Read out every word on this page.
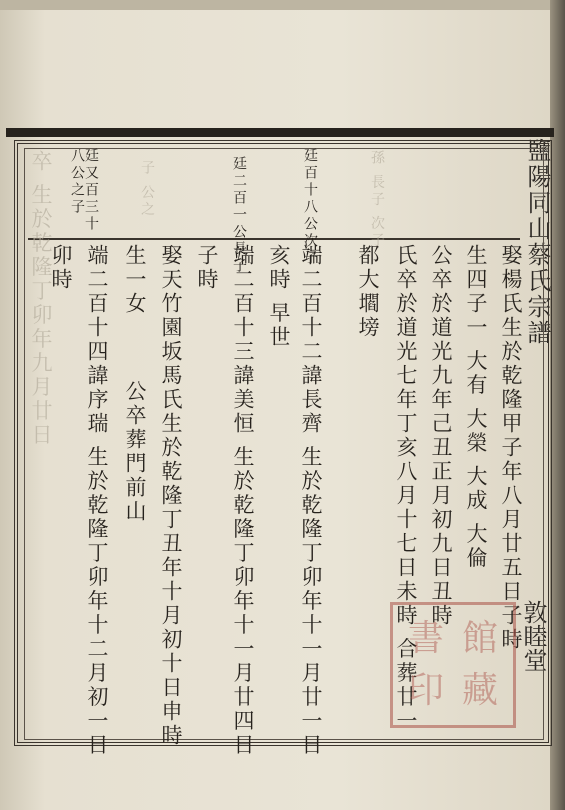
鹽陽同山蔡氏宗譜
敦睦堂
廷百十八公次子
廷二百一公長子
廷又百三十八公之子
娶楊氏生於乾隆甲子年八月廿五日子時
生四子一 大有 大榮 大成 大倫
公卒於道光九年己丑正月初九日丑時
氏卒於道光七年丁亥八月十七日未時 合葬廿一
都大壛塝
端二百十二諱長齊 生於乾隆丁卯年十一月廿一日
亥時 早世
端二百十三諱美恒 生於乾隆丁卯年十一月廿四日
子時
娶天竹園坂馬氏生於乾隆丁丑年十月初十日申時
生一女
公卒葬門前山
端二百十四諱序瑞 生於乾隆丁卯年十二月初一日
卯時
卒 生於乾隆丁卯年九月廿日	子 公之	孫 長子 次子
書 館
印 藏
